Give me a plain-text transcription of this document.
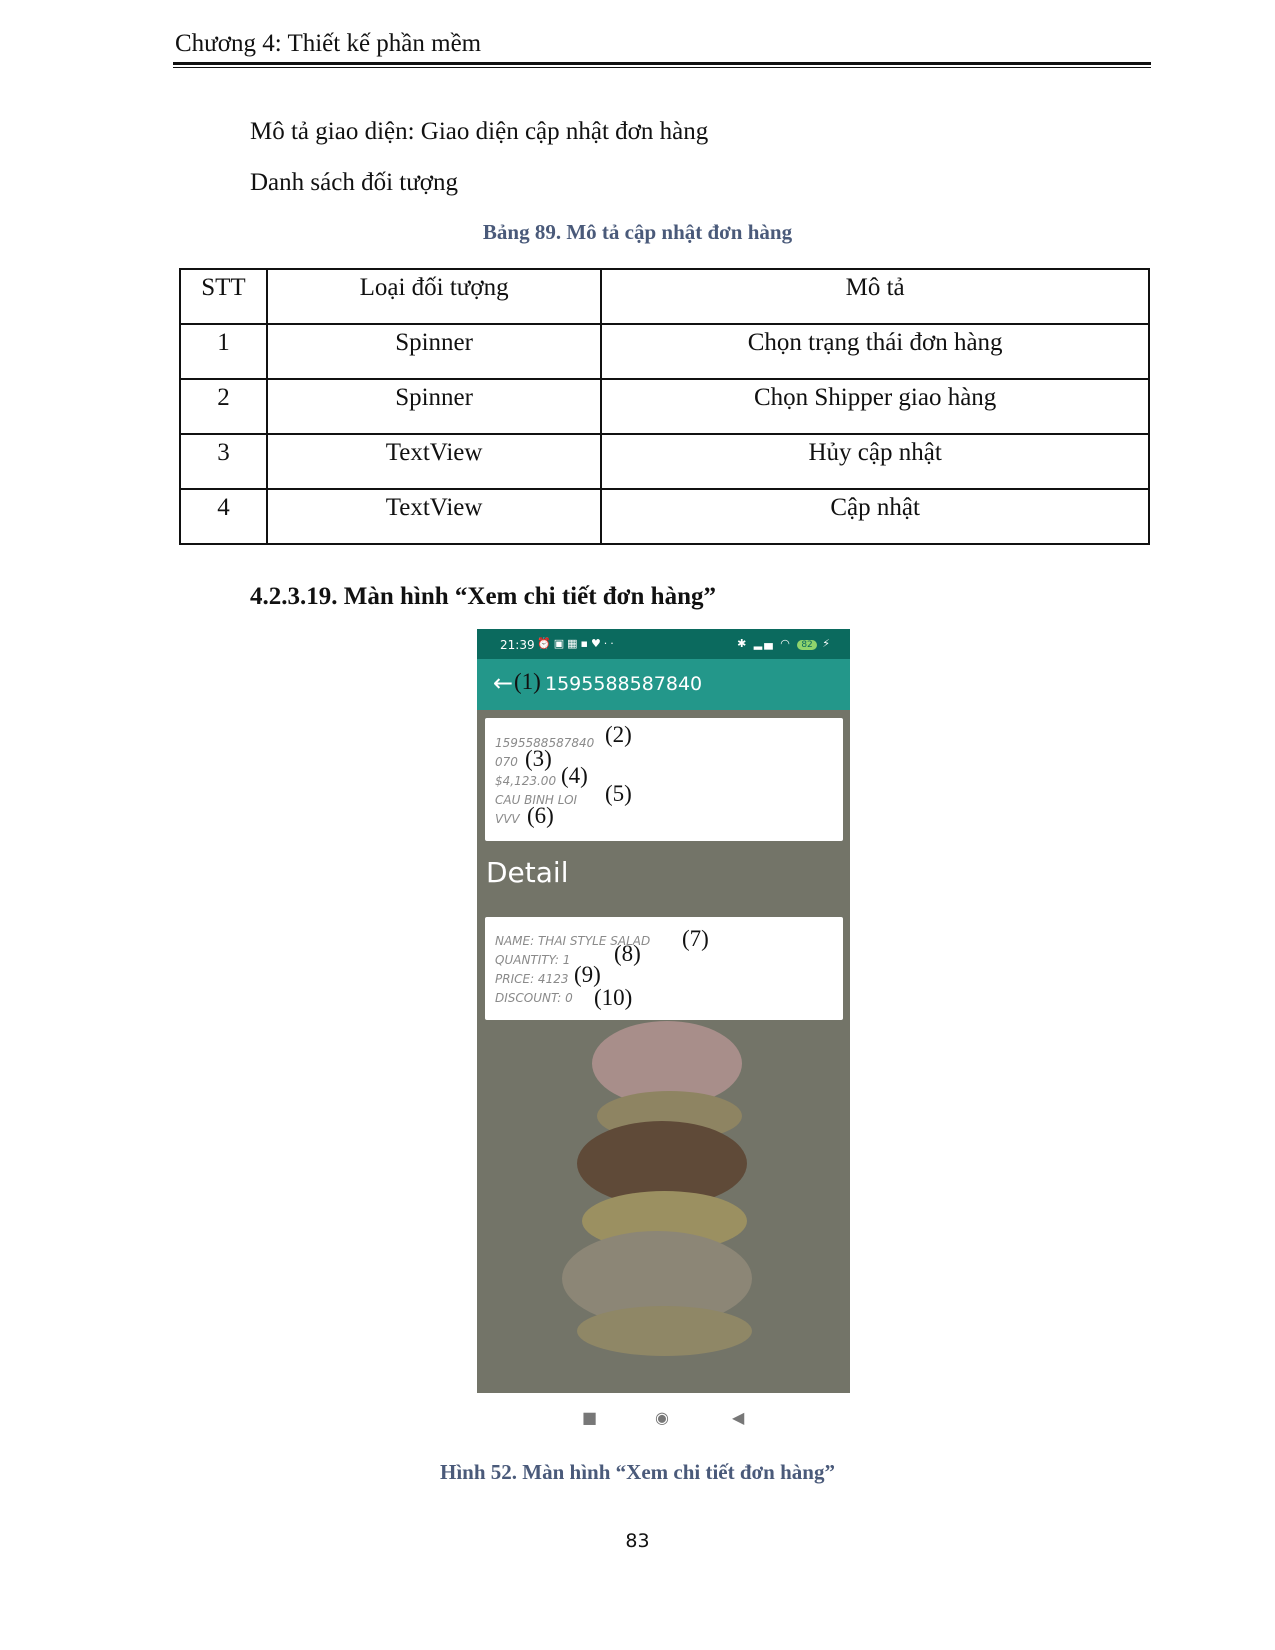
Chương 4: Thiết kế phần mềm
Mô tả giao diện: Giao diện cập nhật đơn hàng
Danh sách đối tượng
Bảng 89. Mô tả cập nhật đơn hàng
STT	Loại đối tượng	Mô tả
1	Spinner	Chọn trạng thái đơn hàng
2	Spinner	Chọn Shipper giao hàng
3	TextView	Hủy cập nhật
4	TextView	Cập nhật
4.2.3.19. Màn hình “Xem chi tiết đơn hàng”
21:39 ⏰▣▦▪♥··	✱ ▂▄ ◠ 82 ⚡
← 1595588587840
(1)
1595588587840
070
$4,123.00
CAU BINH LOI
VVV
(2)
(3)
(4)
(5)
(6)
Detail
NAME: THAI STYLE SALAD
QUANTITY: 1
PRICE: 4123
DISCOUNT: 0
(7)
(8)
(9)
(10)
■	◉	◀
Hình 52. Màn hình “Xem chi tiết đơn hàng”
83
